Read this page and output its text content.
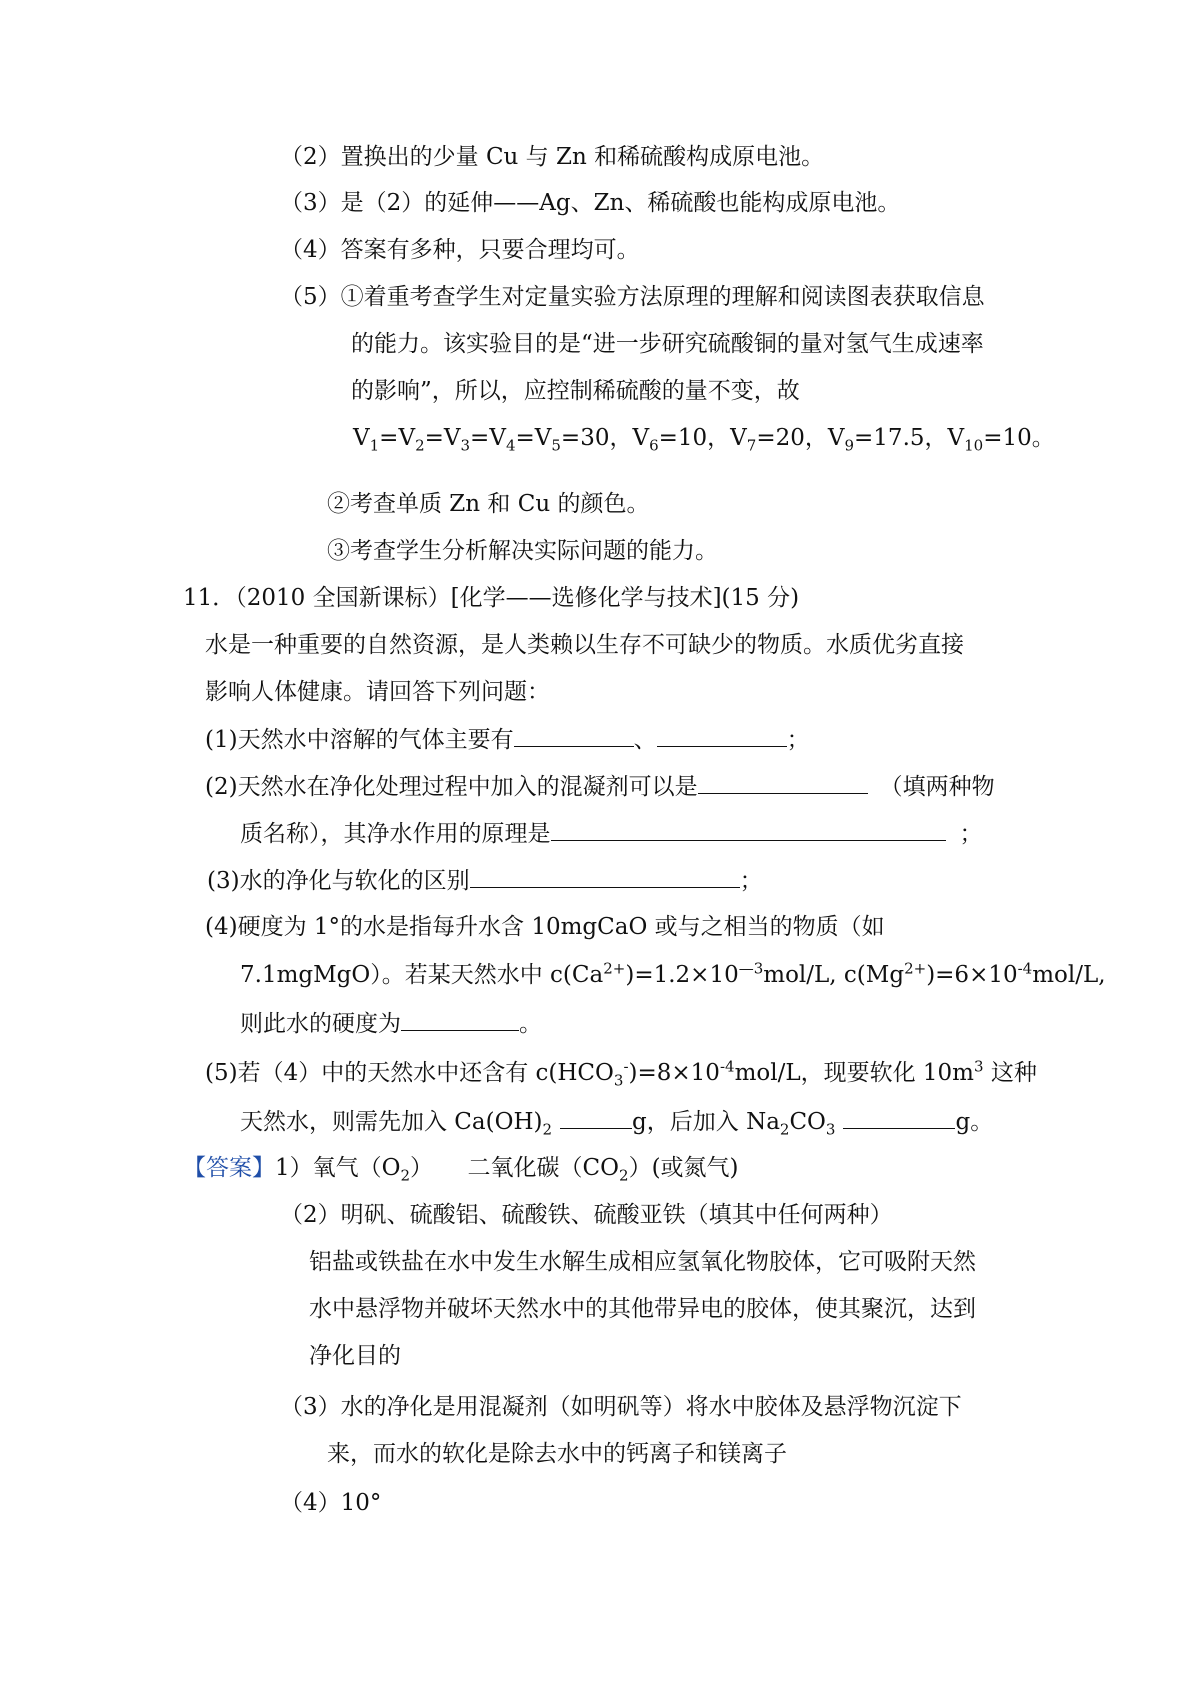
（2）置换出的少量 Cu 与 Zn 和稀硫酸构成原电池。
（3）是（2）的延伸——Ag、Zn、稀硫酸也能构成原电池。
（4）答案有多种，只要合理均可。
（5）①着重考查学生对定量实验方法原理的理解和阅读图表获取信息
的能力。该实验目的是“进一步研究硫酸铜的量对氢气生成速率
的影响”，所以，应控制稀硫酸的量不变，故
$V_1=V_2=V_3=V_4=V_5=30$，$V_6=10$，$V_7=20$，$V_9=17.5$，$V_{10}=10$。
②考查单质 Zn 和 Cu 的颜色。
③考查学生分析解决实际问题的能力。
11．（2010 全国新课标）[化学——选修化学与技术](15 分)
水是一种重要的自然资源，是人类赖以生存不可缺少的物质。水质优劣直接
影响人体健康。请回答下列问题：
(1)天然水中溶解的气体主要有	、	；
(2)天然水在净化处理过程中加入的混凝剂可以是	（填两种物
质名称），其净水作用的原理是	；
(3)水的净化与软化的区别	；
(4)硬度为 1°的水是指每升水含 10mgCaO 或与之相当的物质（如
7.1mgMgO）。若某天然水中 $c(Ca^{2+})=1.2\times 10^{—3}mol/L$, $c(Mg^{2+})=6\times 10^{-4}mol/L$,
则此水的硬度为	。
(5)若（4）中的天然水中还含有 $c(HCO_3^-)=8\times 10^{-4}mol/L$，现要软化 $10m^3$ 这种
天然水，则需先加入 $Ca(OH)_2$	g，后加入 $Na_2CO_3$	g。
【答案】1）氧气$(O_2)$　　二氧化碳$(CO_2)$(或氮气)
（2）明矾、硫酸铝、硫酸铁、硫酸亚铁（填其中任何两种）
铝盐或铁盐在水中发生水解生成相应氢氧化物胶体，它可吸附天然
水中悬浮物并破坏天然水中的其他带异电的胶体，使其聚沉，达到
净化目的
（3）水的净化是用混凝剂（如明矾等）将水中胶体及悬浮物沉淀下
来，而水的软化是除去水中的钙离子和镁离子
（4）10°
